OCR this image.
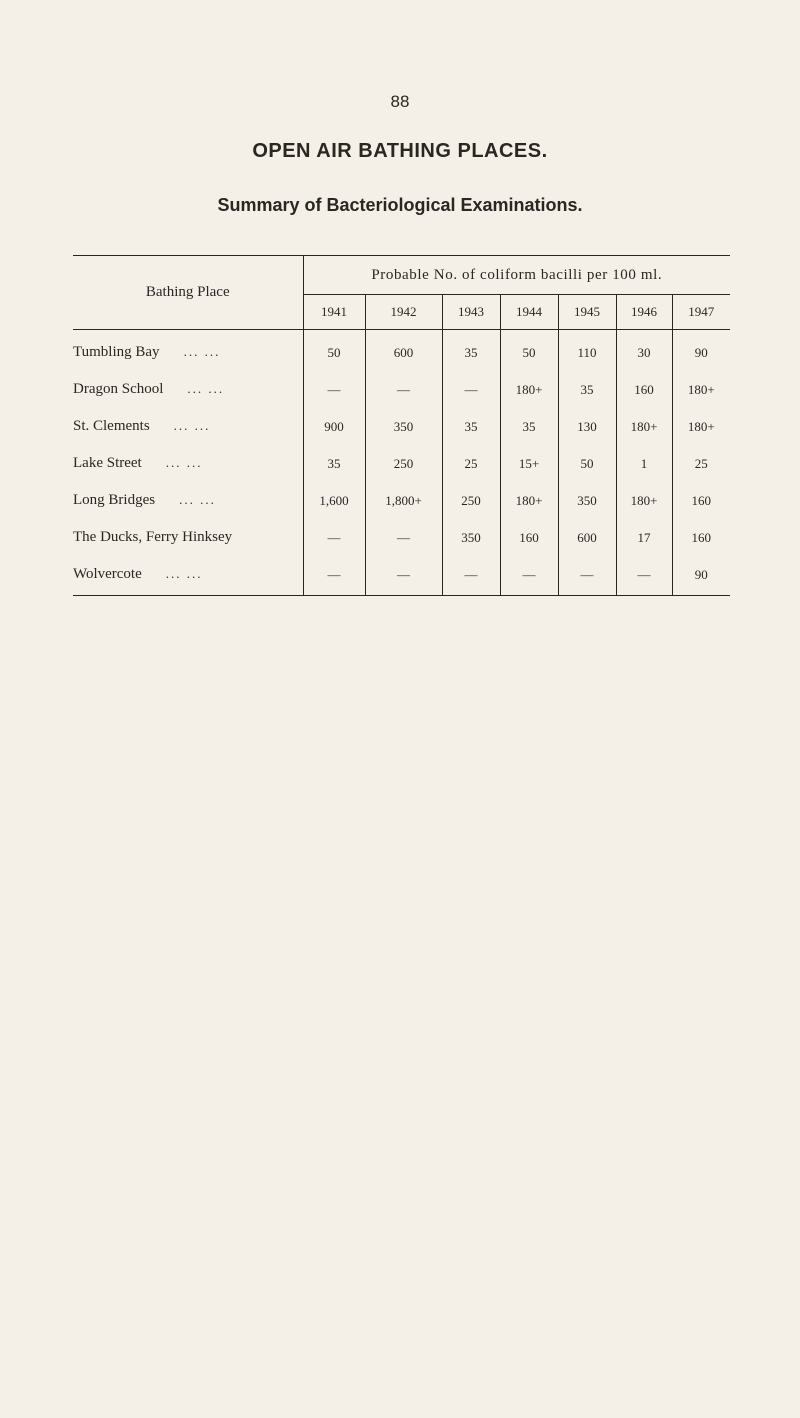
88
OPEN AIR BATHING PLACES.
Summary of Bacteriological Examinations.
Bathing Place	Probable No. of coliform bacilli per 100 ml.						
	1941	1942	1943	1944	1945	1946	1947
Tumbling Bay ... ...	50	600	35	50	110	30	90
Dragon School ... ...	—	—	—	180+	35	160	180+
St. Clements ... ...	900	350	35	35	130	180+	180+
Lake Street ... ...	35	250	25	15+	50	1	25
Long Bridges ... ...	1,600	1,800+	250	180+	350	180+	160
The Ducks, Ferry Hinksey	—	—	350	160	600	17	160
Wolvercote ... ...	—	—	—	—	—	—	90
